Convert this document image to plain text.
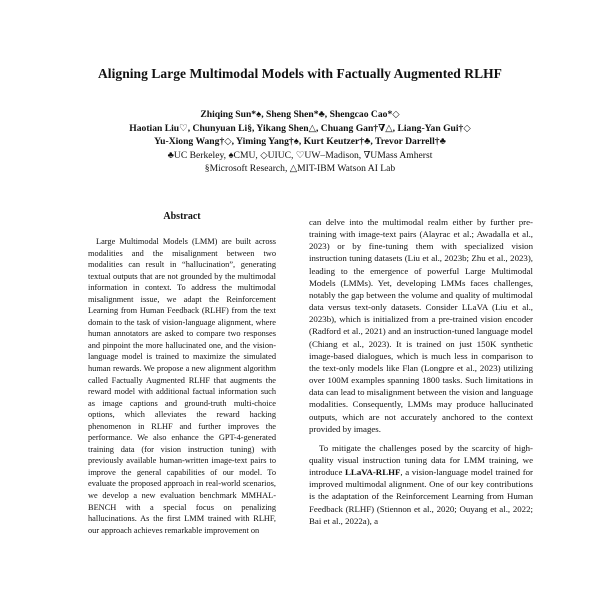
Aligning Large Multimodal Models with Factually Augmented RLHF
Zhiqing Sun*♠, Sheng Shen*♣, Shengcao Cao*◇
Haotian Liu♡, Chunyuan Li§, Yikang Shen△, Chuang Gan†∇△, Liang-Yan Gui†◇
Yu-Xiong Wang†◇, Yiming Yang†♠, Kurt Keutzer†♣, Trevor Darrell†♣
♣UC Berkeley, ♠CMU, ◇UIUC, ♡UW–Madison, ∇UMass Amherst
§Microsoft Research, △MIT-IBM Watson AI Lab
Abstract

Large Multimodal Models (LMM) are built across modalities and the misalignment between two modalities can result in “hallucination”, generating textual outputs that are not grounded by the multimodal information in context. To address the multimodal misalignment issue, we adapt the Reinforcement Learning from Human Feedback (RLHF) from the text domain to the task of vision-language alignment, where human annotators are asked to compare two responses and pinpoint the more hallucinated one, and the vision-language model is trained to maximize the simulated human rewards. We propose a new alignment algorithm called Factually Augmented RLHF that augments the reward model with additional factual information such as image captions and ground-truth multi-choice options, which alleviates the reward hacking phenomenon in RLHF and further improves the performance. We also enhance the GPT-4-generated training data (for vision instruction tuning) with previously available human-written image-text pairs to improve the general capabilities of our model. To evaluate the proposed approach in real-world scenarios, we develop a new evaluation benchmark MMHAL-BENCH with a special focus on penalizing hallucinations. As the first LMM trained with RLHF, our approach achieves remarkable improvement on

can delve into the multimodal realm either by further pre-training with image-text pairs (Alayrac et al.; Awadalla et al., 2023) or by fine-tuning them with specialized vision instruction tuning datasets (Liu et al., 2023b; Zhu et al., 2023), leading to the emergence of powerful Large Multimodal Models (LMMs). Yet, developing LMMs faces challenges, notably the gap between the volume and quality of multimodal data versus text-only datasets. Consider LLaVA (Liu et al., 2023b), which is initialized from a pre-trained vision encoder (Radford et al., 2021) and an instruction-tuned language model (Chiang et al., 2023). It is trained on just 150K synthetic image-based dialogues, which is much less in comparison to the text-only models like Flan (Longpre et al., 2023) utilizing over 100M examples spanning 1800 tasks. Such limitations in data can lead to misalignment between the vision and language modalities. Consequently, LMMs may produce hallucinated outputs, which are not accurately anchored to the context provided by images.

To mitigate the challenges posed by the scarcity of high-quality visual instruction tuning data for LMM training, we introduce LLaVA-RLHF, a vision-language model trained for improved multimodal alignment. One of our key contributions is the adaptation of the Reinforcement Learning from Human Feedback (RLHF) (Stiennon et al., 2020; Ouyang et al., 2022; Bai et al., 2022a), a
